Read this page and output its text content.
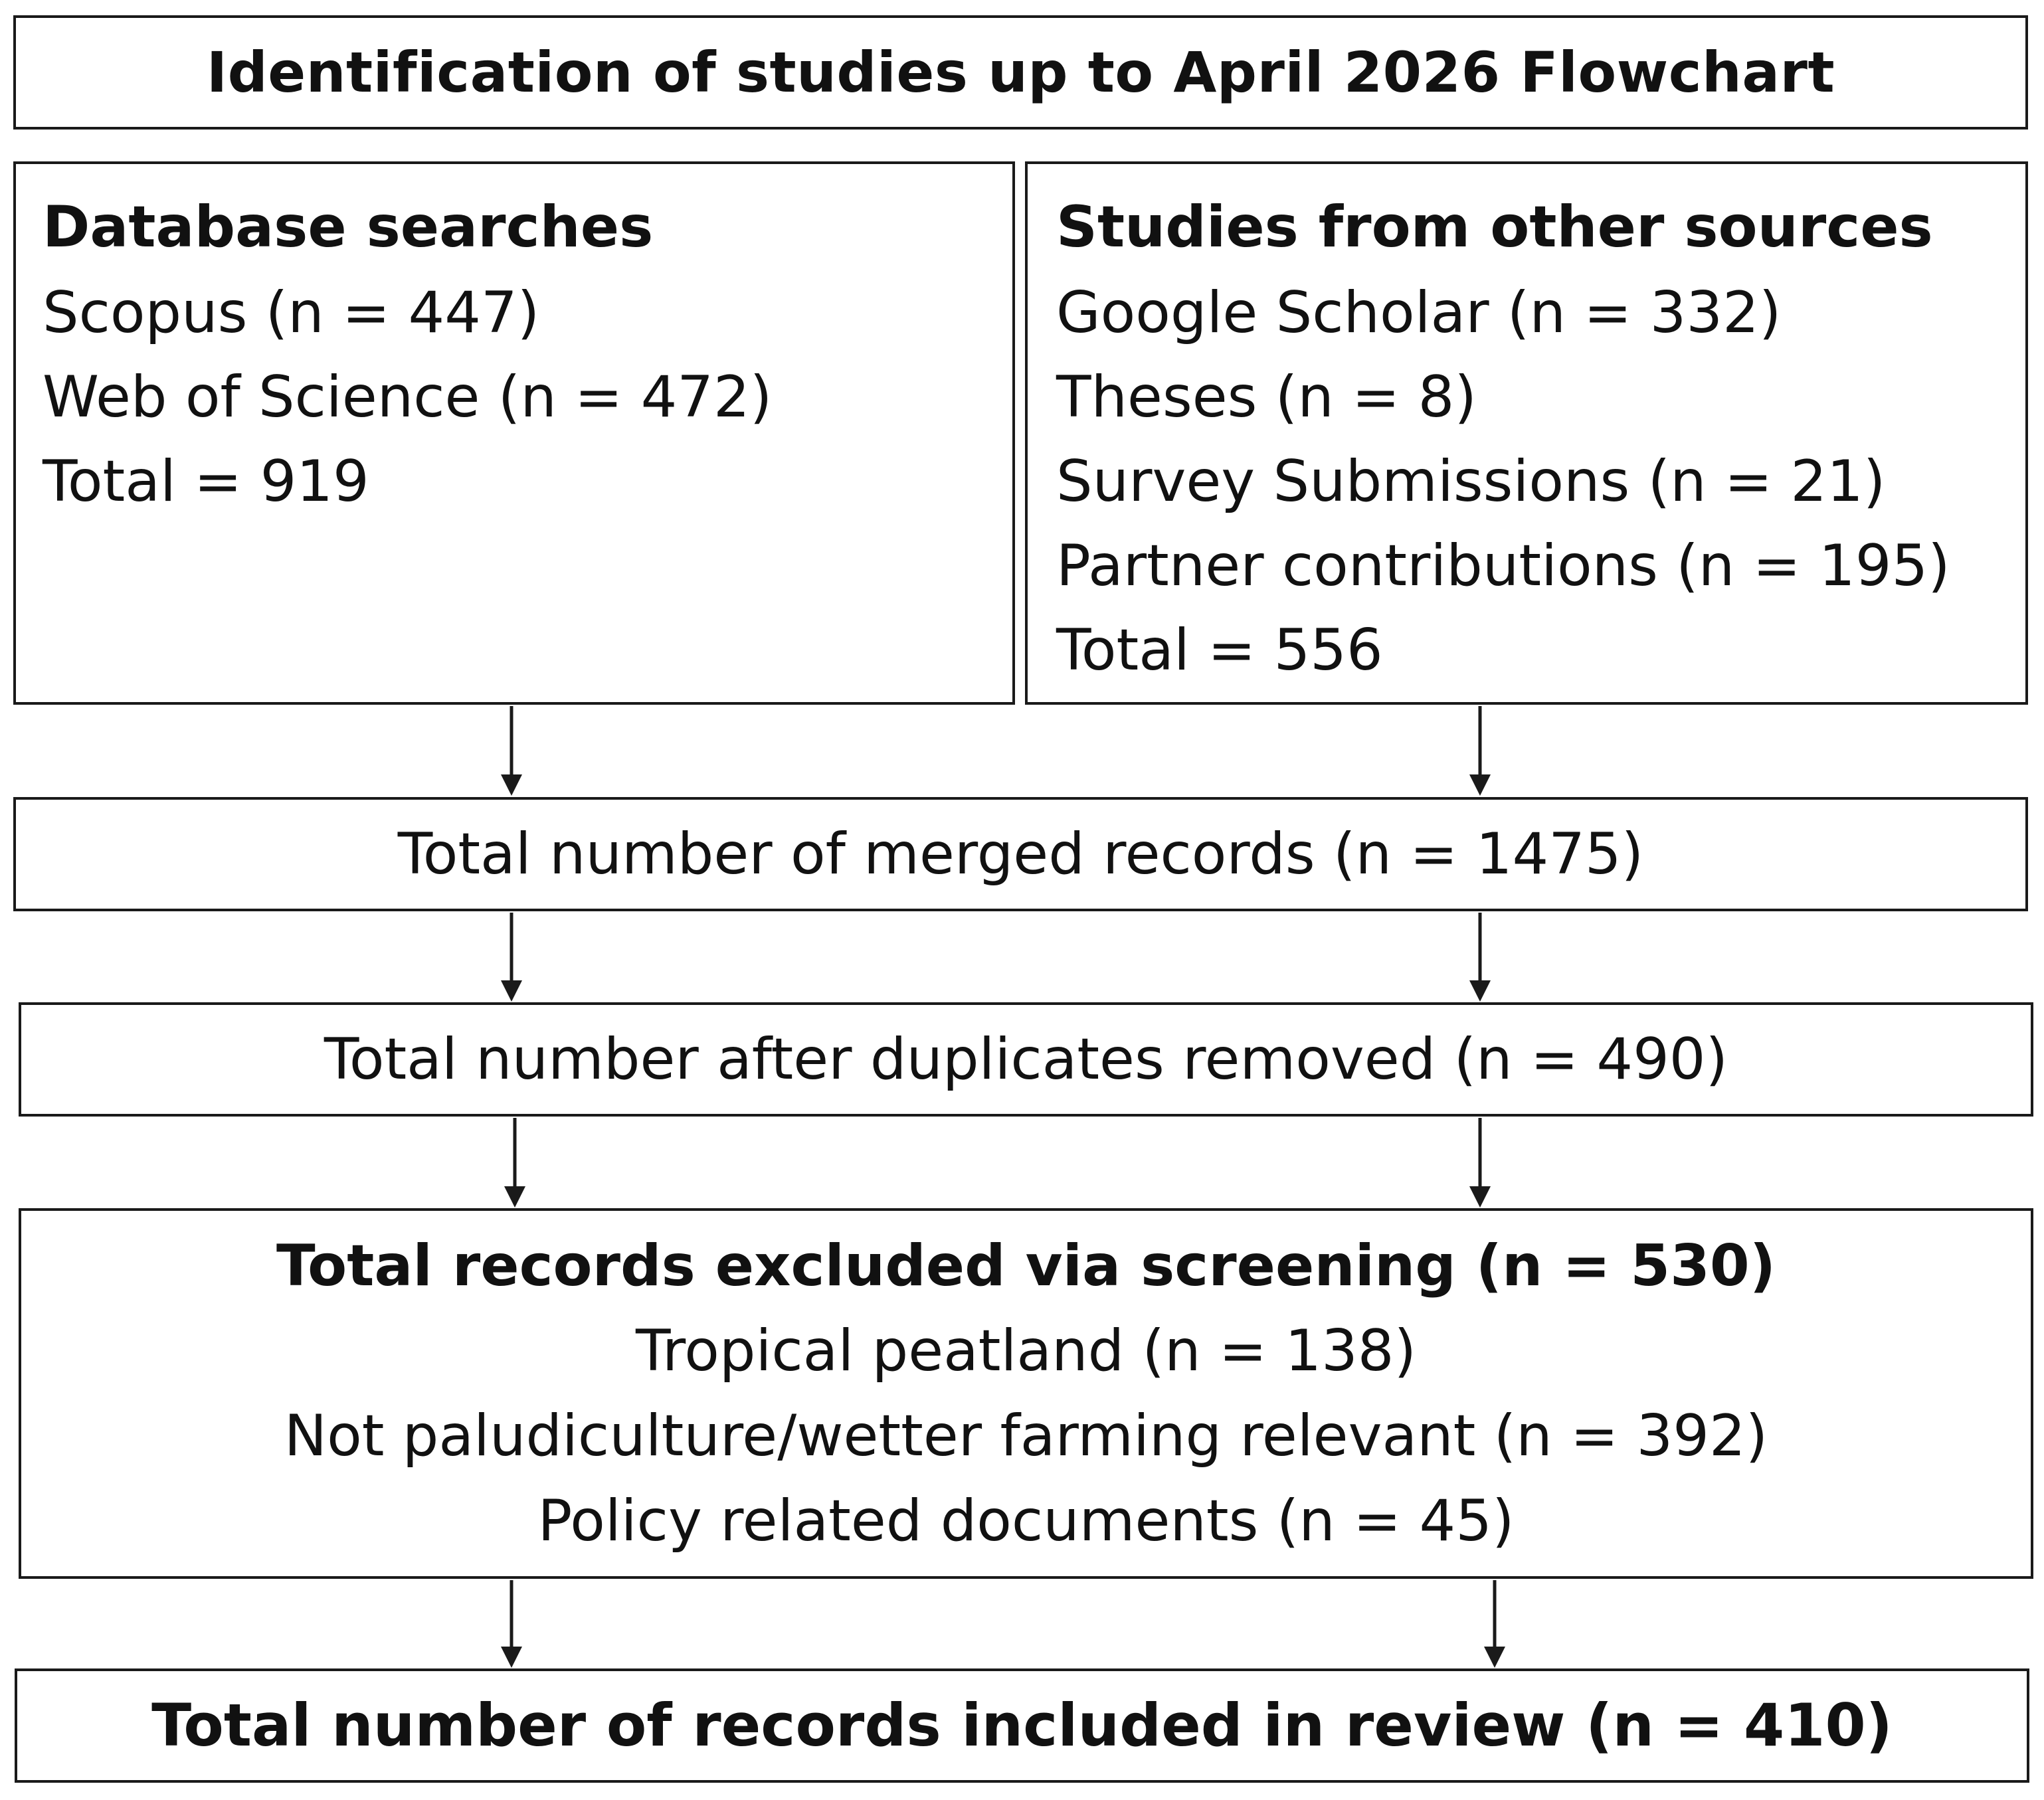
Identification of studies up to April 2026 Flowchart
Database searches
Scopus (n = 447)
Web of Science (n = 472)
Total = 919
Studies from other sources
Google Scholar (n = 332)
Theses (n = 8)
Survey Submissions (n = 21)
Partner contributions (n = 195)
Total = 556
Total number of merged records (n = 1475)
Total number after duplicates removed (n = 490)
Total records excluded via screening (n = 530)
Tropical peatland (n = 138)
Not paludiculture/wetter farming relevant (n = 392)
Policy related documents (n = 45)
Total number of records included in review (n = 410)
